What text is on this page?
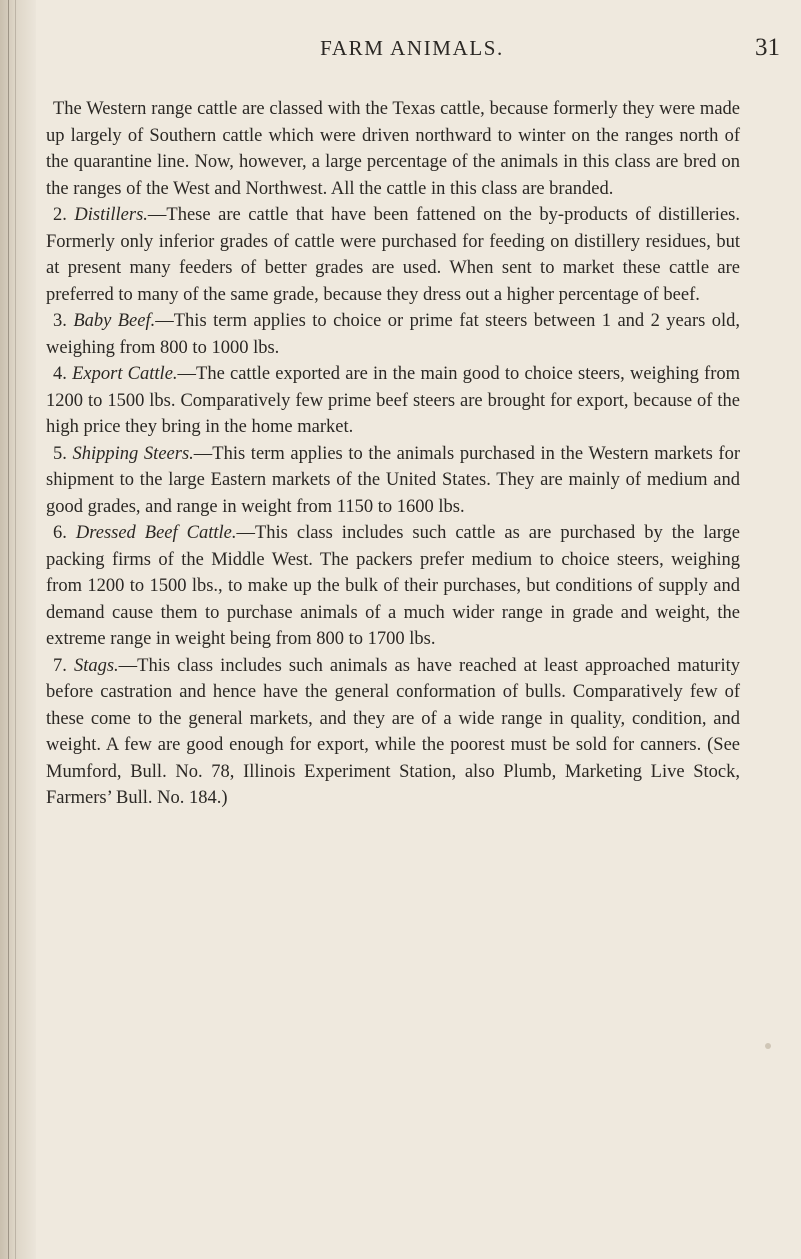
FARM ANIMALS.	31

The Western range cattle are classed with the Texas cattle, because formerly they were made up largely of Southern cattle which were driven northward to winter on the ranges north of the quarantine line. Now, however, a large percentage of the animals in this class are bred on the ranges of the West and Northwest. All the cattle in this class are branded.

2. Distillers.—These are cattle that have been fattened on the by-products of distilleries. Formerly only inferior grades of cattle were purchased for feeding on distillery residues, but at present many feeders of better grades are used. When sent to market these cattle are preferred to many of the same grade, because they dress out a higher percentage of beef.

3. Baby Beef.—This term applies to choice or prime fat steers between 1 and 2 years old, weighing from 800 to 1000 lbs.

4. Export Cattle.—The cattle exported are in the main good to choice steers, weighing from 1200 to 1500 lbs. Comparatively few prime beef steers are brought for export, because of the high price they bring in the home market.

5. Shipping Steers.—This term applies to the animals purchased in the Western markets for shipment to the large Eastern markets of the United States. They are mainly of medium and good grades, and range in weight from 1150 to 1600 lbs.

6. Dressed Beef Cattle.—This class includes such cattle as are purchased by the large packing firms of the Middle West. The packers prefer medium to choice steers, weighing from 1200 to 1500 lbs., to make up the bulk of their purchases, but conditions of supply and demand cause them to purchase animals of a much wider range in grade and weight, the extreme range in weight being from 800 to 1700 lbs.

7. Stags.—This class includes such animals as have reached at least approached maturity before castration and hence have the general conformation of bulls. Comparatively few of these come to the general markets, and they are of a wide range in quality, condition, and weight. A few are good enough for export, while the poorest must be sold for canners. (See Mumford, Bull. No. 78, Illinois Experiment Station, also Plumb, Marketing Live Stock, Farmers’ Bull. No. 184.)
